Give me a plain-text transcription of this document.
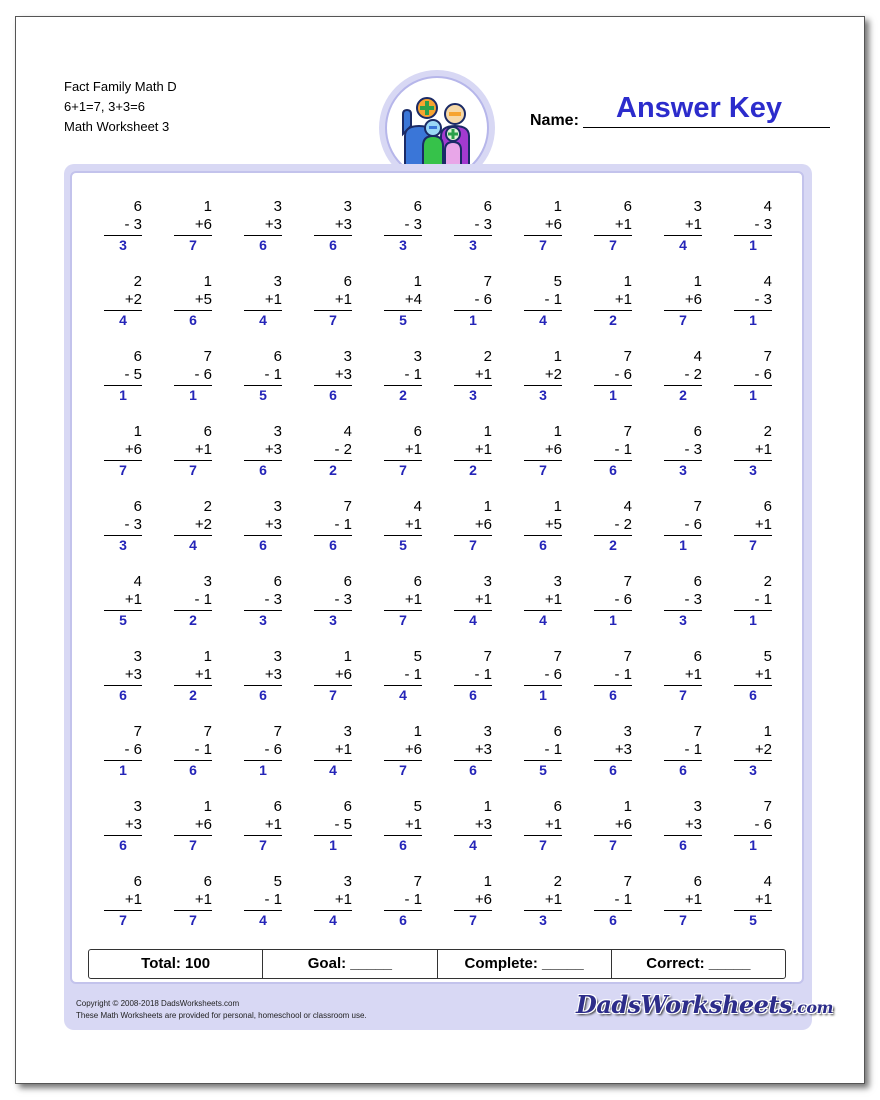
Fact Family Math D
6+1=7, 3+3=6
Math Worksheet 3	Name: Answer Key
6
- 3
3
1
+6
7
3
+3
6
3
+3
6
6
- 3
3
6
- 3
3
1
+6
7
6
+1
7
3
+1
4
4
- 3
1
2
+2
4
1
+5
6
3
+1
4
6
+1
7
1
+4
5
7
- 6
1
5
- 1
4
1
+1
2
1
+6
7
4
- 3
1
6
- 5
1
7
- 6
1
6
- 1
5
3
+3
6
3
- 1
2
2
+1
3
1
+2
3
7
- 6
1
4
- 2
2
7
- 6
1
1
+6
7
6
+1
7
3
+3
6
4
- 2
2
6
+1
7
1
+1
2
1
+6
7
7
- 1
6
6
- 3
3
2
+1
3
6
- 3
3
2
+2
4
3
+3
6
7
- 1
6
4
+1
5
1
+6
7
1
+5
6
4
- 2
2
7
- 6
1
6
+1
7
4
+1
5
3
- 1
2
6
- 3
3
6
- 3
3
6
+1
7
3
+1
4
3
+1
4
7
- 6
1
6
- 3
3
2
- 1
1
3
+3
6
1
+1
2
3
+3
6
1
+6
7
5
- 1
4
7
- 1
6
7
- 6
1
7
- 1
6
6
+1
7
5
+1
6
7
- 6
1
7
- 1
6
7
- 6
1
3
+1
4
1
+6
7
3
+3
6
6
- 1
5
3
+3
6
7
- 1
6
1
+2
3
3
+3
6
1
+6
7
6
+1
7
6
- 5
1
5
+1
6
1
+3
4
6
+1
7
1
+6
7
3
+3
6
7
- 6
1
6
+1
7
6
+1
7
5
- 1
4
3
+1
4
7
- 1
6
1
+6
7
2
+1
3
7
- 1
6
6
+1
7
4
+1
5
Total: 100	Goal: _____	Complete: _____	Correct: _____
Copyright © 2008-2018 DadsWorksheets.com
These Math Worksheets are provided for personal, homeschool or classroom use.	DadsWorksheets.com
